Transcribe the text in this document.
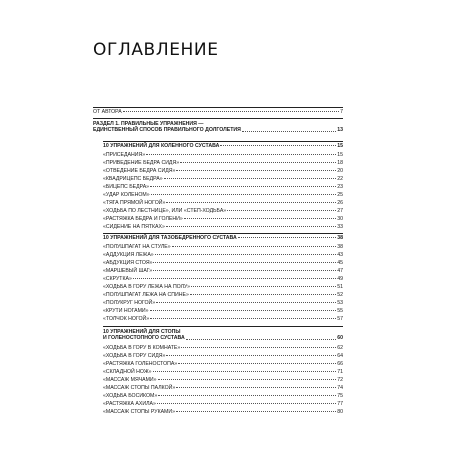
ОГЛАВЛЕНИЕ
ОТ АВТОРА	7
РАЗДЕЛ 1. ПРАВИЛЬНЫЕ УПРАЖНЕНИЯ —
ЕДИНСТВЕННЫЙ СПОСОБ ПРАВИЛЬНОГО ДОЛГОЛЕТИЯ	13
10 УПРАЖНЕНИЙ ДЛЯ КОЛЕННОГО СУСТАВА	15
«ПРИСЕДАНИЯ»	15
«ПРИВЕДЕНИЕ БЕДРА СИДЯ»	18
«ОТВЕДЕНИЕ БЕДРА СИДЯ»	20
«КВАДРИЦЕПС БЕДРА»	22
«БИЦЕПС БЕДРА»	23
«УДАР КОЛЕНОМ»	25
«ТЯГА ПРЯМОЙ НОГОЙ»	26
«ХОДЬБА ПО ЛЕСТНИЦЕ», ИЛИ «СТЕП-ХОДЬБА»	27
«РАСТЯЖКА БЕДРА И ГОЛЕНИ»	30
«СИДЕНИЕ НА ПЯТКАХ»	33
10 УПРАЖНЕНИЙ ДЛЯ ТАЗОБЕДРЕННОГО СУСТАВА	38
«ПОЛУШПАГАТ НА СТУЛЕ»	38
«АДДУКЦИЯ ЛЕЖА»	43
«АБДУКЦИЯ СТОЯ»	45
«МАРШЕВЫЙ ШАГ»	47
«СКРУТКА»	49
«ХОДЬБА В ГОРУ ЛЕЖА НА ПОЛУ»	51
«ПОЛУШПАГАТ ЛЕЖА НА СПИНЕ»	52
«ПОЛУКРУГ НОГОЙ»	53
«КРУТИ НОГАМИ»	55
«ТОЛЧОК НОГОЙ»	57
10 УПРАЖНЕНИЙ ДЛЯ СТОПЫ
И ГОЛЕНОСТОПНОГО СУСТАВА	60
«ХОДЬБА В ГОРУ В КОМНАТЕ»	62
«ХОДЬБА В ГОРУ СИДЯ»	64
«РАСТЯЖКА ГОЛЕНОСТОПА»	66
«СКЛАДНОЙ НОЖ»	71
«МАССАЖ МЯЧАМИ»	72
«МАССАЖ СТОПЫ ПАЛКОЙ»	74
«ХОДЬБА БОСИКОМ»	75
«РАСТЯЖКА АХИЛА»	77
«МАССАЖ СТОПЫ РУКАМИ»	80
